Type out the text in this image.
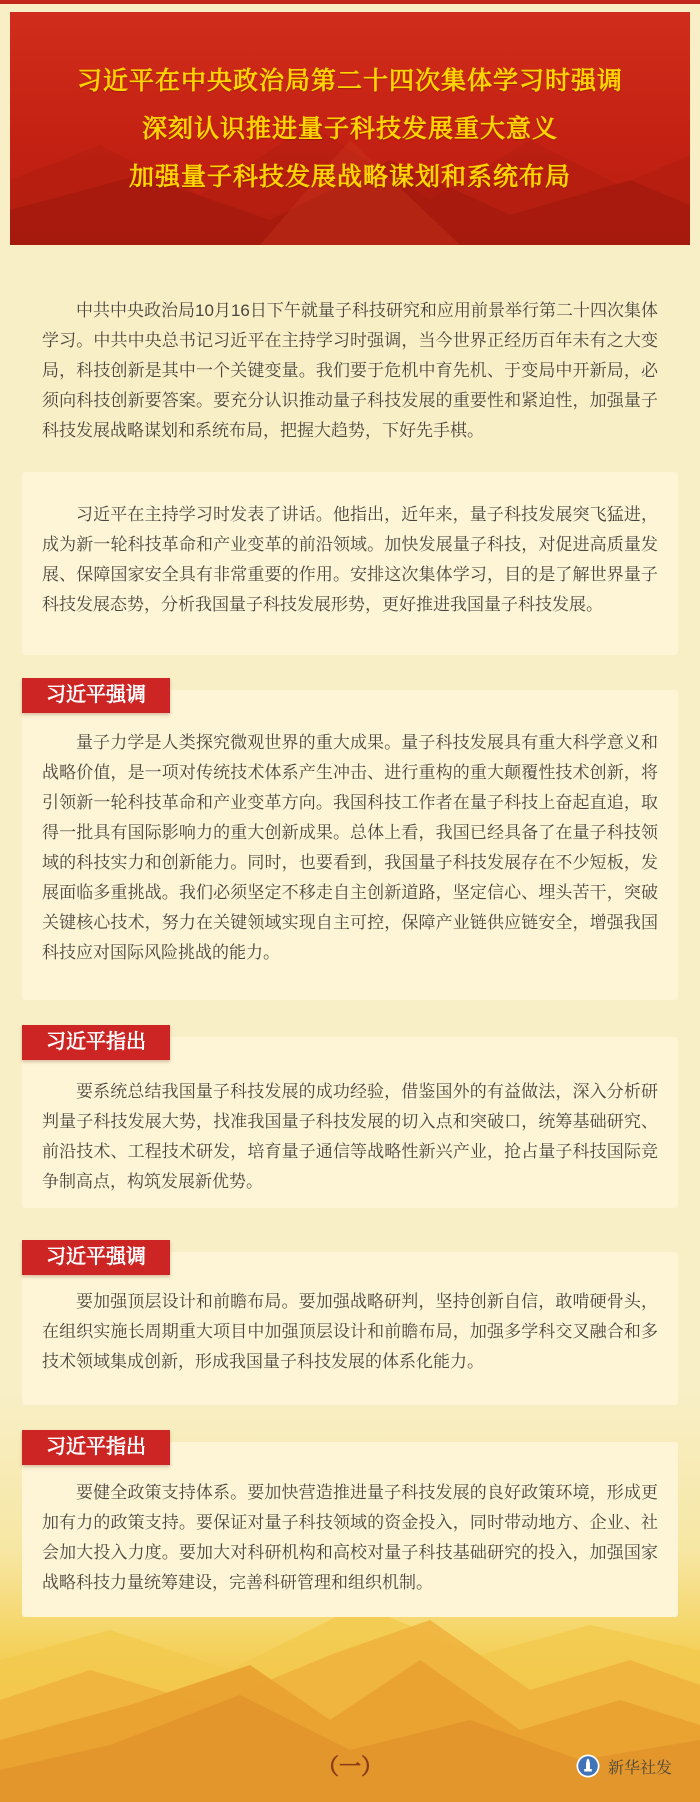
习近平在中央政治局第二十四次集体学习时强调
深刻认识推进量子科技发展重大意义
加强量子科技发展战略谋划和系统布局

中共中央政治局10月16日下午就量子科技研究和应用前景举行第二十四次集体学习。中共中央总书记习近平在主持学习时强调，当今世界正经历百年未有之大变局，科技创新是其中一个关键变量。我们要于危机中育先机、于变局中开新局，必须向科技创新要答案。要充分认识推动量子科技发展的重要性和紧迫性，加强量子科技发展战略谋划和系统布局，把握大趋势，下好先手棋。

习近平在主持学习时发表了讲话。他指出，近年来，量子科技发展突飞猛进，成为新一轮科技革命和产业变革的前沿领域。加快发展量子科技，对促进高质量发展、保障国家安全具有非常重要的作用。安排这次集体学习，目的是了解世界量子科技发展态势，分析我国量子科技发展形势，更好推进我国量子科技发展。

习近平强调

量子力学是人类探究微观世界的重大成果。量子科技发展具有重大科学意义和战略价值，是一项对传统技术体系产生冲击、进行重构的重大颠覆性技术创新，将引领新一轮科技革命和产业变革方向。我国科技工作者在量子科技上奋起直追，取得一批具有国际影响力的重大创新成果。总体上看，我国已经具备了在量子科技领域的科技实力和创新能力。同时，也要看到，我国量子科技发展存在不少短板，发展面临多重挑战。我们必须坚定不移走自主创新道路，坚定信心、埋头苦干，突破关键核心技术，努力在关键领域实现自主可控，保障产业链供应链安全，增强我国科技应对国际风险挑战的能力。

习近平指出

要系统总结我国量子科技发展的成功经验，借鉴国外的有益做法，深入分析研判量子科技发展大势，找准我国量子科技发展的切入点和突破口，统筹基础研究、前沿技术、工程技术研发，培育量子通信等战略性新兴产业，抢占量子科技国际竞争制高点，构筑发展新优势。

习近平强调

要加强顶层设计和前瞻布局。要加强战略研判，坚持创新自信，敢啃硬骨头，在组织实施长周期重大项目中加强顶层设计和前瞻布局，加强多学科交叉融合和多技术领域集成创新，形成我国量子科技发展的体系化能力。

习近平指出

要健全政策支持体系。要加快营造推进量子科技发展的良好政策环境，形成更加有力的政策支持。要保证对量子科技领域的资金投入，同时带动地方、企业、社会加大投入力度。要加大对科研机构和高校对量子科技基础研究的投入，加强国家战略科技力量统筹建设，完善科研管理和组织机制。

（一）	新华社发
